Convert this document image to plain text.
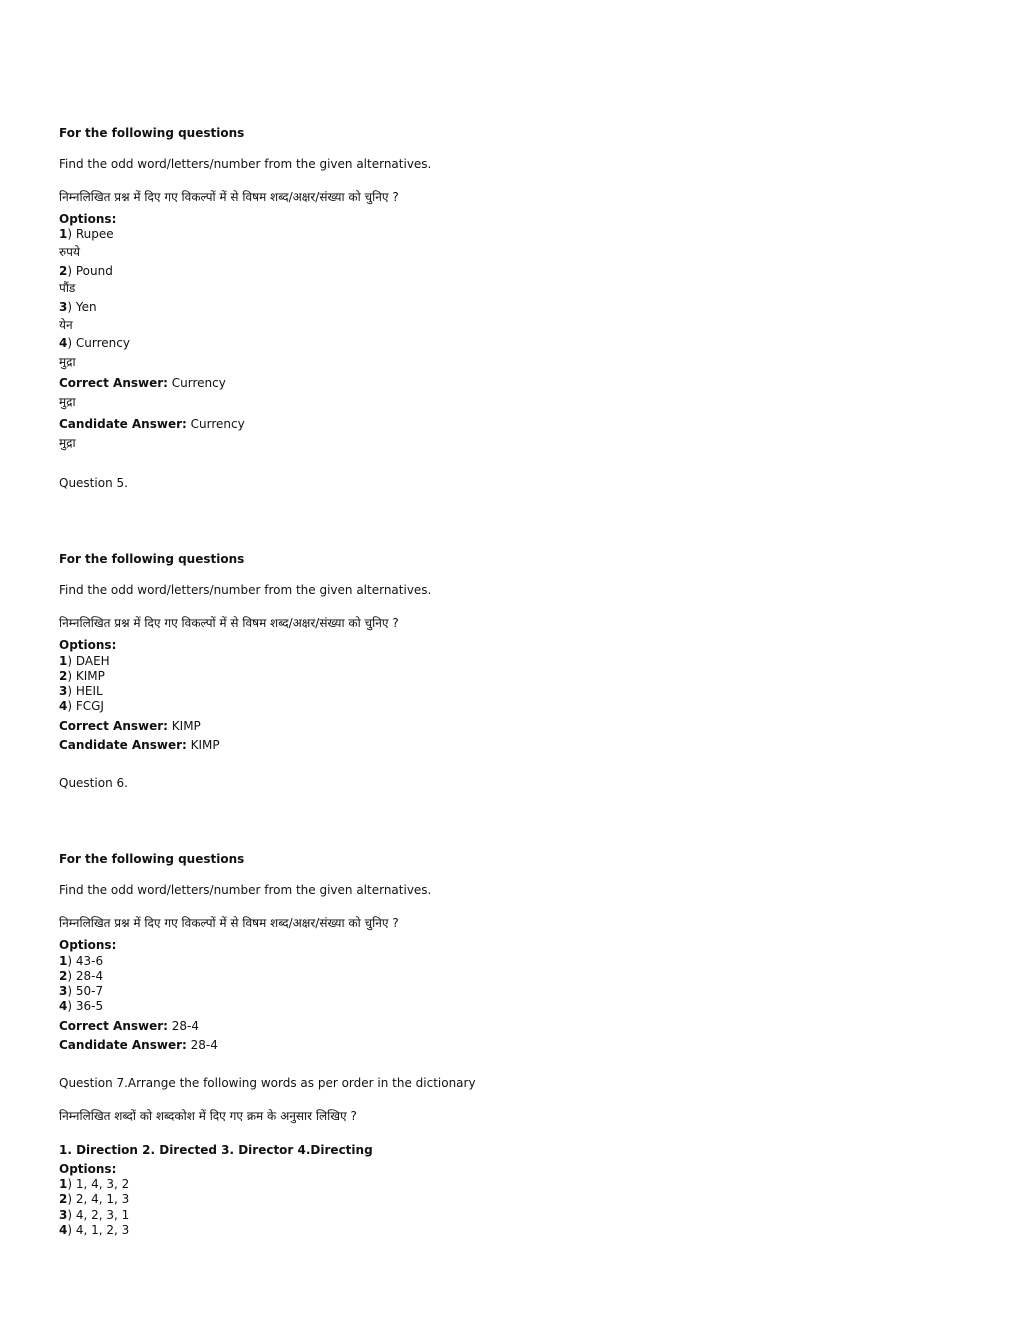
For the following questions
Find the odd word/letters/number from the given alternatives.
निम्नलिखित प्रश्न में दिए गए विकल्पों में से विषम शब्द/अक्षर/संख्या को चुनिए ?
Options:
1) Rupee
रुपये
2) Pound
पौंड
3) Yen
येन
4) Currency
मुद्रा
Correct Answer: Currency
मुद्रा
Candidate Answer: Currency
मुद्रा
Question 5.
For the following questions
Find the odd word/letters/number from the given alternatives.
निम्नलिखित प्रश्न में दिए गए विकल्पों में से विषम शब्द/अक्षर/संख्या को चुनिए ?
Options:
1) DAEH
2) KIMP
3) HEIL
4) FCGJ
Correct Answer: KIMP
Candidate Answer: KIMP
Question 6.
For the following questions
Find the odd word/letters/number from the given alternatives.
निम्नलिखित प्रश्न में दिए गए विकल्पों में से विषम शब्द/अक्षर/संख्या को चुनिए ?
Options:
1) 43-6
2) 28-4
3) 50-7
4) 36-5
Correct Answer: 28-4
Candidate Answer: 28-4
Question 7.Arrange the following words as per order in the dictionary
निम्नलिखित शब्दों को शब्दकोश में दिए गए क्रम के अनुसार लिखिए ?
1. Direction 2. Directed 3. Director 4.Directing
Options:
1) 1, 4, 3, 2
2) 2, 4, 1, 3
3) 4, 2, 3, 1
4) 4, 1, 2, 3
